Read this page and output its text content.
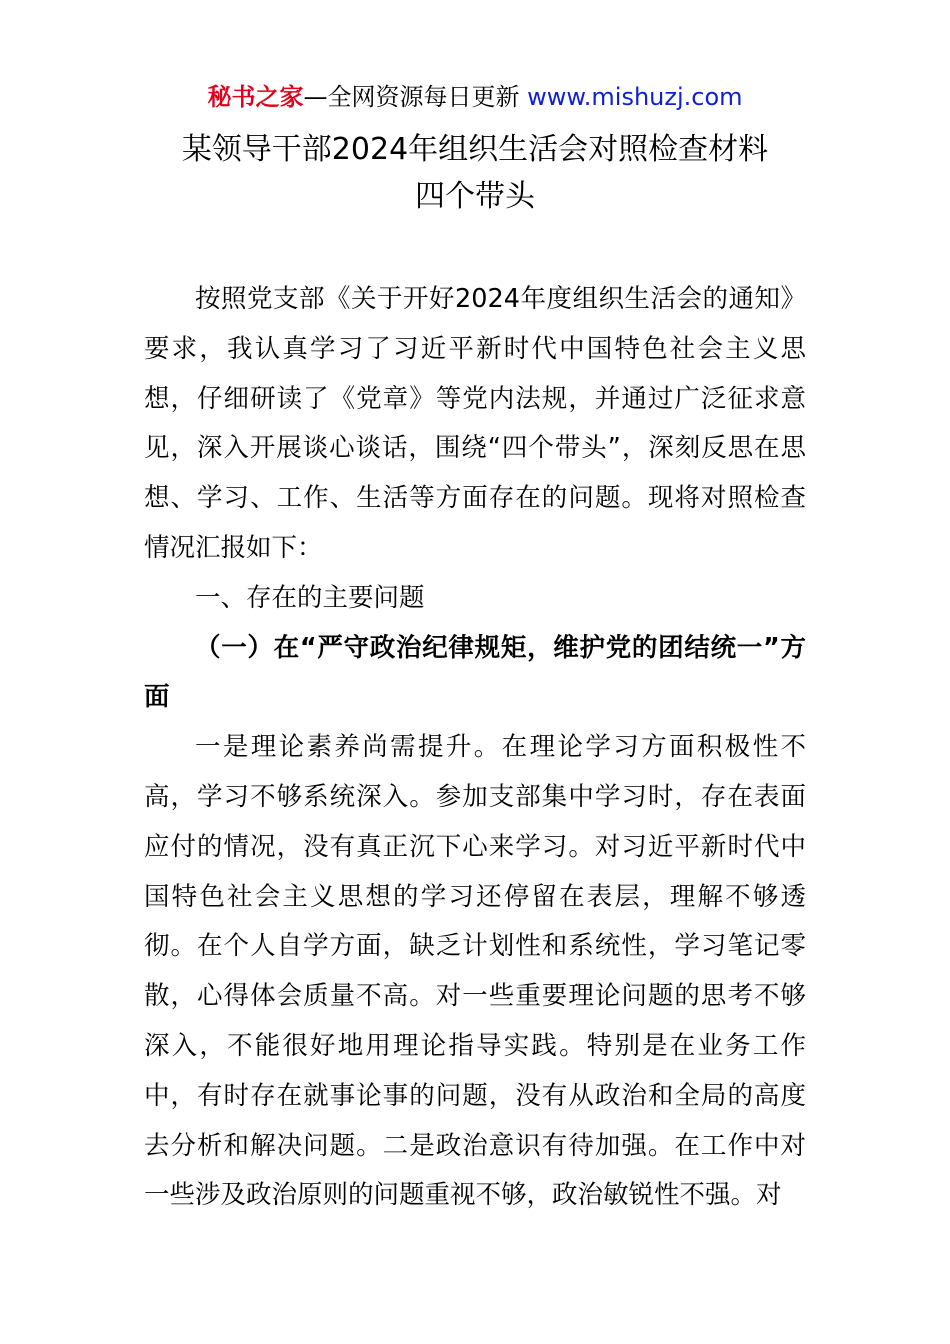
秘书之家—全网资源每日更新 www.mishuzj.com
某领导干部2024年组织生活会对照检查材料
四个带头

按照党支部《关于开好2024年度组织生活会的通知》要求，我认真学习了习近平新时代中国特色社会主义思想，仔细研读了《党章》等党内法规，并通过广泛征求意见，深入开展谈心谈话，围绕“四个带头”，深刻反思在思想、学习、工作、生活等方面存在的问题。现将对照检查情况汇报如下：

一、存在的主要问题

（一）在“严守政治纪律规矩，维护党的团结统一”方面

一是理论素养尚需提升。在理论学习方面积极性不高，学习不够系统深入。参加支部集中学习时，存在表面应付的情况，没有真正沉下心来学习。对习近平新时代中国特色社会主义思想的学习还停留在表层，理解不够透彻。在个人自学方面，缺乏计划性和系统性，学习笔记零散，心得体会质量不高。对一些重要理论问题的思考不够深入，不能很好地用理论指导实践。特别是在业务工作中，有时存在就事论事的问题，没有从政治和全局的高度去分析和解决问题。二是政治意识有待加强。在工作中对一些涉及政治原则的问题重视不够，政治敏锐性不强。对
